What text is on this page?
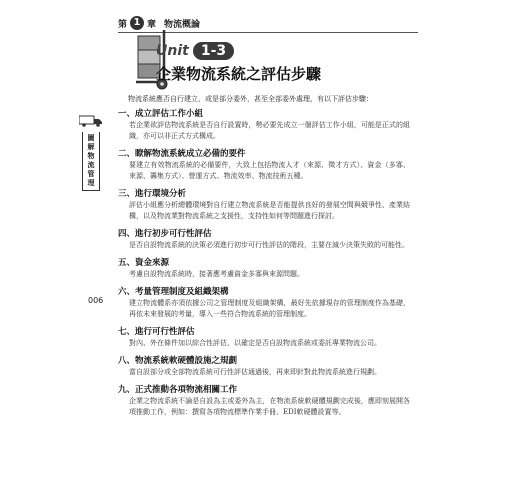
第 1 章 物流概論
Unit 1-3
企業物流系統之評估步驟
物流系統應否自行建立，或是部分委外，甚至全部委外處理，有以下評估步驟：
圖
解
物
流
管
理
006
一、成立評估工作小組
若企業欲評估物流系統是否自行設置時，勢必要先成立一個評估工作小組，可能是正式的組織，亦可以非正式方式構成。
二、瞭解物流系統成立必備的要件
要建立有效物流系統的必備要件，大致上包括物流人才（來源、徵才方式）、資金（多寡、來源、籌集方式）、營運方式、物流效率、物流技術五種。
三、進行環境分析
評估小組應分析總體環境對自行建立物流系統是否能提供良好的發展空間與競爭性、產業結構，以及物流業對物流系統之支援性，支持性如何等問題進行探討。
四、進行初步可行性評估
是否自設物流系統的決策必須進行初步可行性評估的階段，主要在減少決策失敗的可能性。
五、資金來源
考慮自設物流系統時，接著應考慮資金多寡與來源問題。
六、考量管理制度及組織架構
建立物流體系亦須依據公司之管理制度及組織架構，最好先依據現存的管理制度作為基礎，再依未來發展的考量，導入一些符合物流系統的管理制度。
七、進行可行性評估
對內、外在條件加以綜合性評估，以確定是否自設物流系統或委託專業物流公司。
八、物流系統軟硬體設施之規劃
當自設部分或全部物流系統可行性評估通過後，再來即針對此物流系統進行規劃。
九、正式推動各項物流相關工作
企業之物流系統不論是自設為主或委外為主，在物流系統軟硬體規劃完成後，應即刻展開各項推動工作，例如：撰寫各項物流標準作業手冊、EDI軟硬體設置等。
